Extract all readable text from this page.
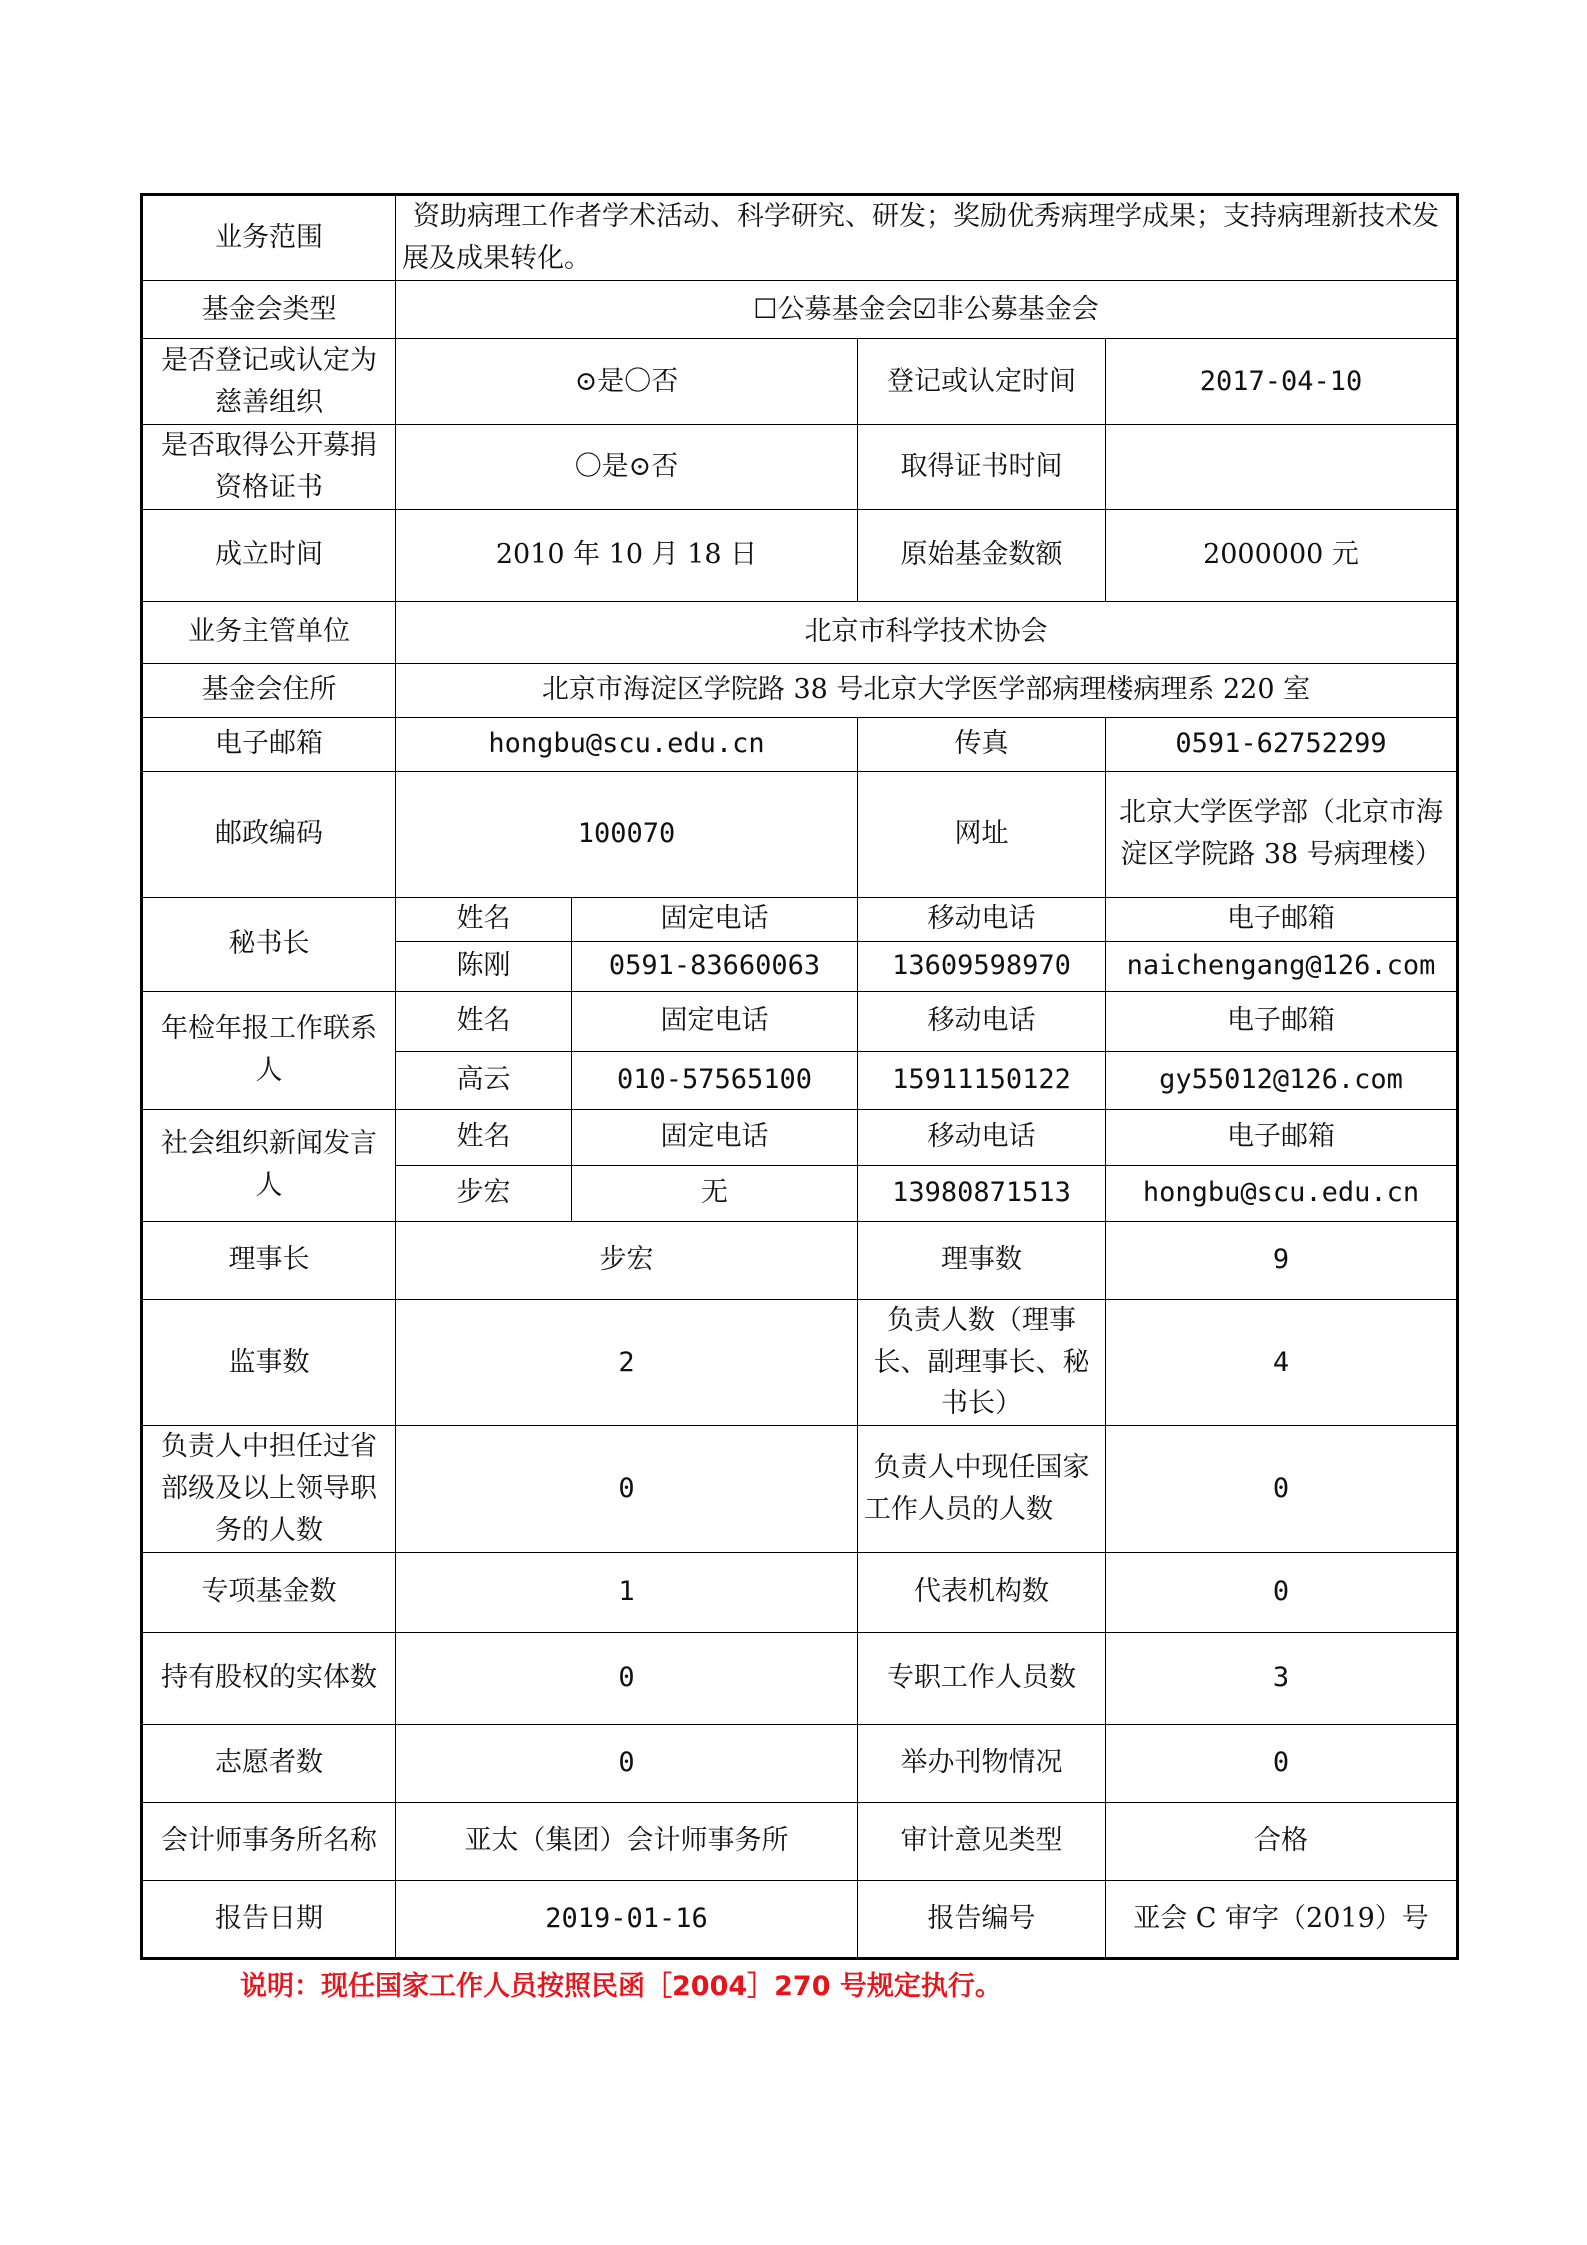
业务范围	资助病理工作者学术活动、科学研究、研发；奖励优秀病理学成果；支持病理新技术发展及成果转化。			
基金会类型	☐公募基金会☑非公募基金会			
是否登记或认定为慈善组织	⊙是〇否		登记或认定时间	2017-04-10
是否取得公开募捐资格证书	〇是⊙否		取得证书时间	
成立时间	2010 年 10 月 18 日		原始基金数额	2000000 元
业务主管单位	北京市科学技术协会			
基金会住所	北京市海淀区学院路 38 号北京大学医学部病理楼病理系 220 室			
电子邮箱	hongbu@scu.edu.cn		传真	0591-62752299
邮政编码	100070		网址	北京大学医学部（北京市海淀区学院路 38 号病理楼）
秘书长	姓名	固定电话	移动电话	电子邮箱
	陈刚	0591-83660063	13609598970	naichengang@126.com
年检年报工作联系人	姓名	固定电话	移动电话	电子邮箱
	高云	010-57565100	15911150122	gy55012@126.com
社会组织新闻发言人	姓名	固定电话	移动电话	电子邮箱
	步宏	无	13980871513	hongbu@scu.edu.cn
理事长	步宏		理事数	9
监事数	2		负责人数（理事长、副理事长、秘书长）	4
负责人中担任过省部级及以上领导职务的人数	0		负责人中现任国家工作人员的人数	0
专项基金数	1		代表机构数	0
持有股权的实体数	0		专职工作人员数	3
志愿者数	0		举办刊物情况	0
会计师事务所名称	亚太（集团）会计师事务所		审计意见类型	合格
报告日期	2019-01-16		报告编号	亚会 C 审字（2019）号
说明：现任国家工作人员按照民函［2004］270 号规定执行。
